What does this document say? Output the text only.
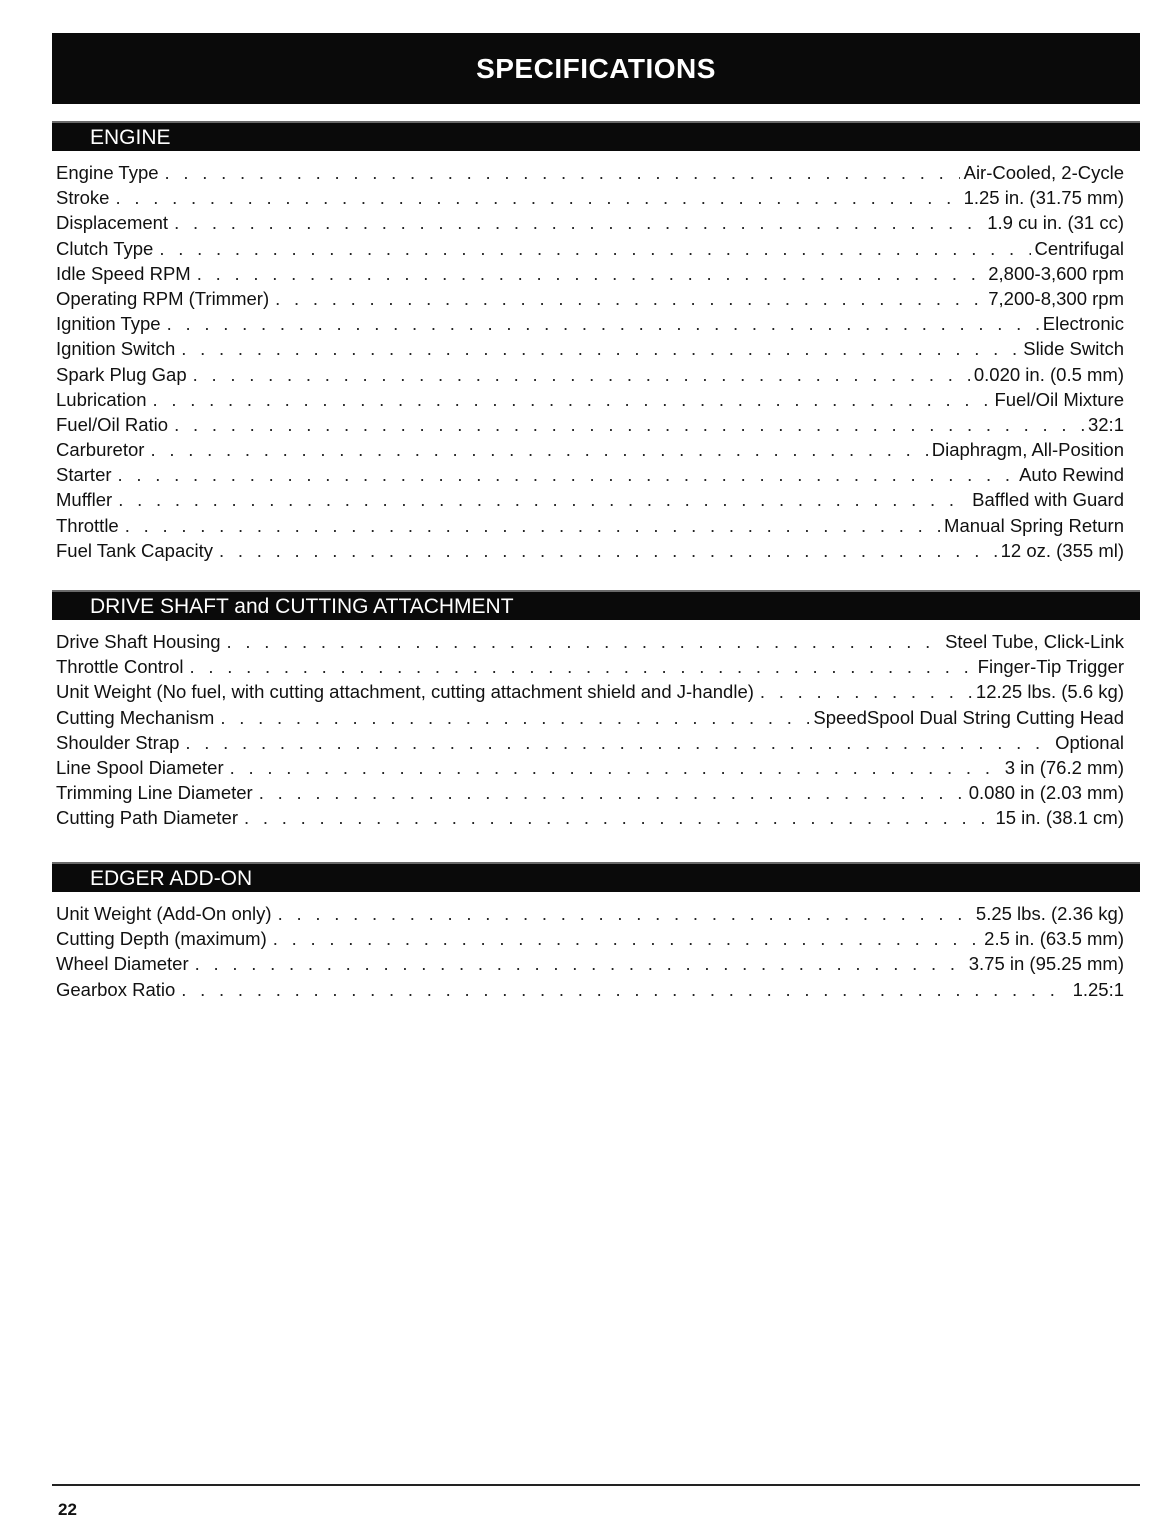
SPECIFICATIONS
ENGINE
Engine Type . . .	Air-Cooled, 2-Cycle
Stroke . . .	1.25 in. (31.75 mm)
Displacement . . .	1.9 cu in. (31 cc)
Clutch Type . . .	Centrifugal
Idle Speed RPM . . .	2,800-3,600 rpm
Operating RPM (Trimmer) . . .	7,200-8,300 rpm
Ignition Type . . .	Electronic
Ignition Switch . . .	Slide Switch
Spark Plug Gap . . .	0.020 in. (0.5 mm)
Lubrication . . .	Fuel/Oil Mixture
Fuel/Oil Ratio . . .	32:1
Carburetor . . .	Diaphragm, All-Position
Starter . . .	Auto Rewind
Muffler . . .	Baffled with Guard
Throttle . . .	Manual Spring Return
Fuel Tank Capacity . . .	12 oz. (355 ml)
DRIVE SHAFT and CUTTING ATTACHMENT
Drive Shaft Housing . . .	Steel Tube, Click-Link
Throttle Control . . .	Finger-Tip Trigger
Unit Weight (No fuel, with cutting attachment, cutting attachment shield and J-handle) . . .	12.25 lbs. (5.6 kg)
Cutting Mechanism . . .	SpeedSpool Dual String Cutting Head
Shoulder Strap . . .	Optional
Line Spool Diameter . . .	3 in (76.2 mm)
Trimming Line Diameter . . .	0.080 in (2.03 mm)
Cutting Path Diameter . . .	15 in. (38.1 cm)
EDGER ADD-ON
Unit Weight (Add-On only) . . .	5.25 lbs. (2.36 kg)
Cutting Depth (maximum) . . .	2.5 in. (63.5 mm)
Wheel Diameter . . .	3.75 in (95.25 mm)
Gearbox Ratio . . .	1.25:1
22
